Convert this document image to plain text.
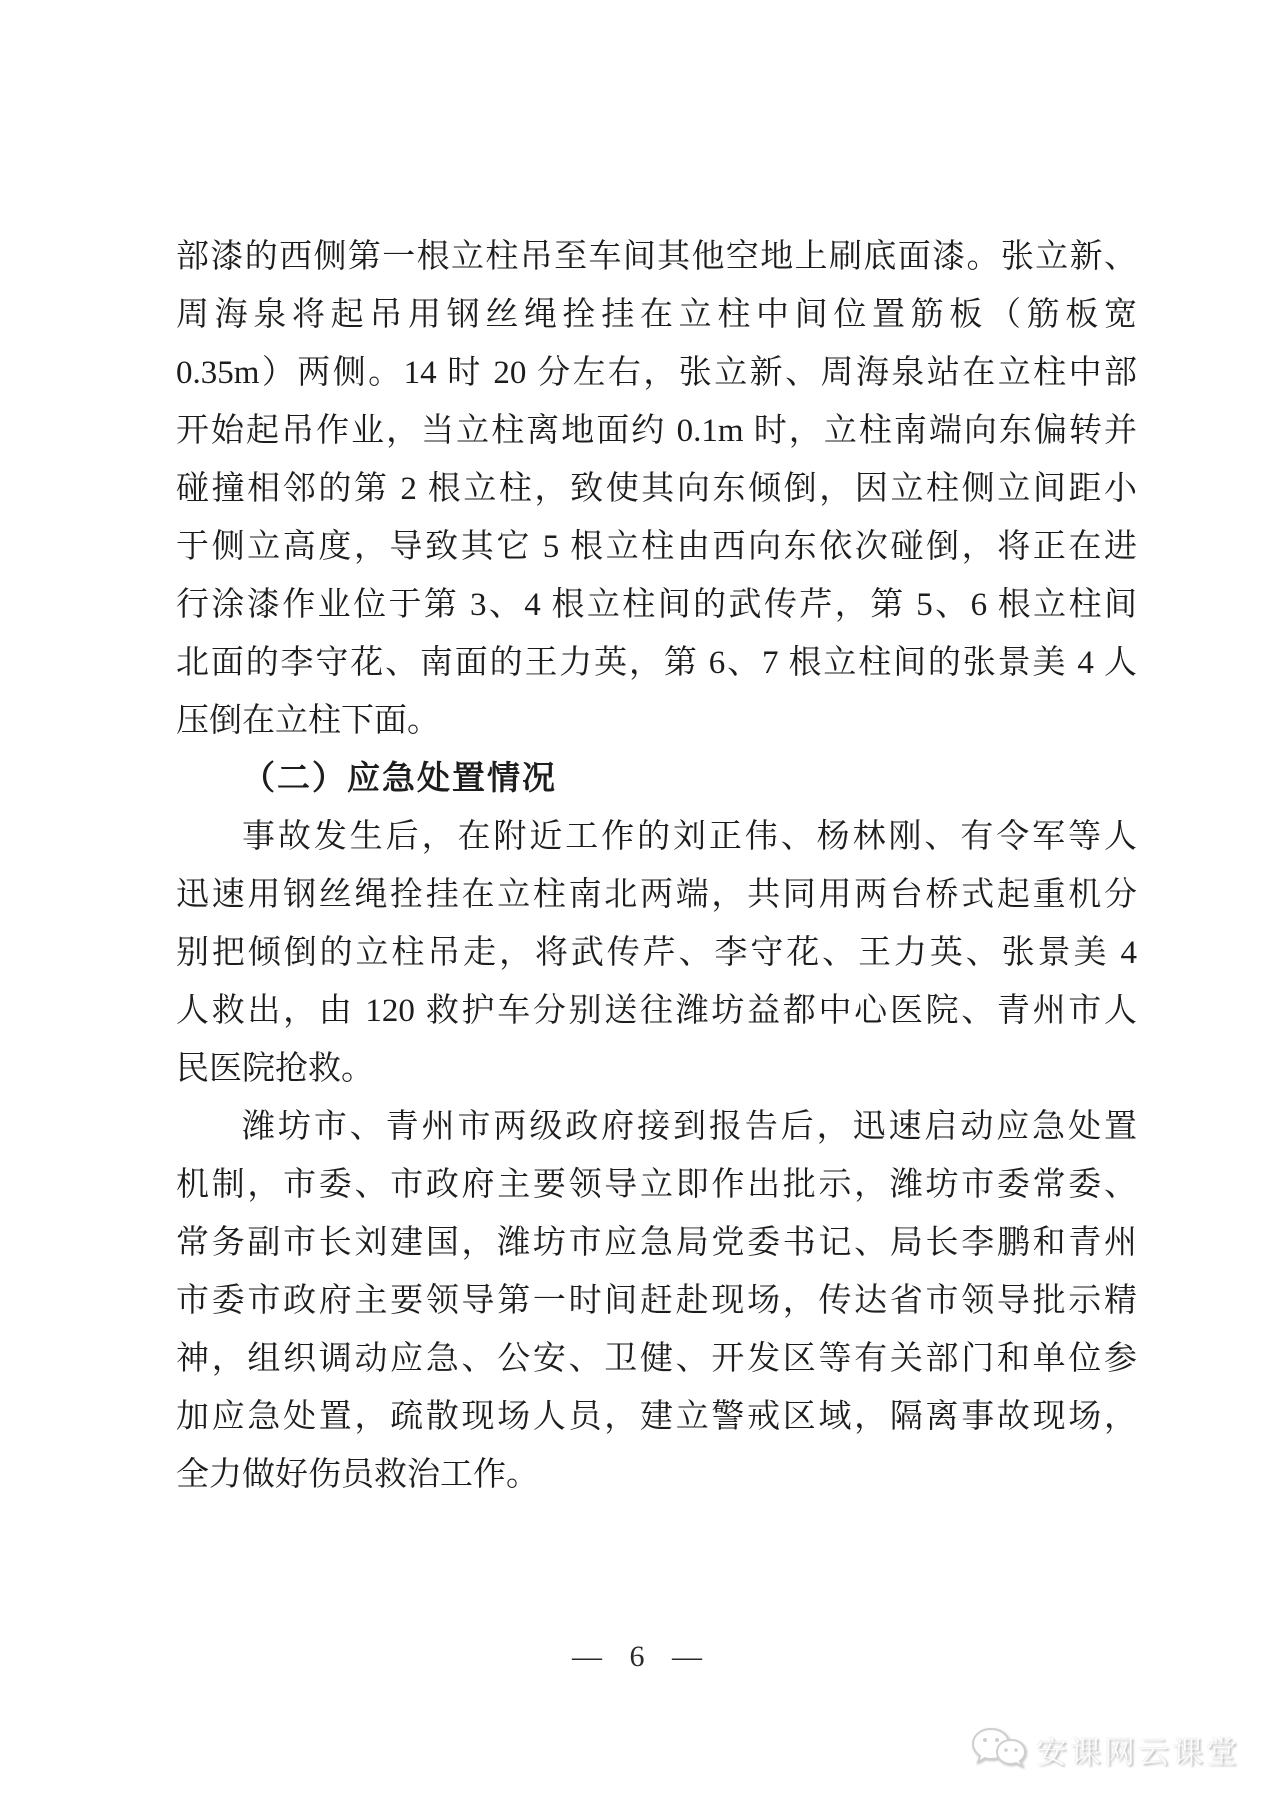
部漆的西侧第一根立柱吊至车间其他空地上刷底面漆。张立新、
周海泉将起吊用钢丝绳拴挂在立柱中间位置筋板（筋板宽
0.35m）两侧。14 时 20 分左右，张立新、周海泉站在立柱中部
开始起吊作业，当立柱离地面约 0.1m 时，立柱南端向东偏转并
碰撞相邻的第 2 根立柱，致使其向东倾倒，因立柱侧立间距小
于侧立高度，导致其它 5 根立柱由西向东依次碰倒，将正在进
行涂漆作业位于第 3、4 根立柱间的武传芹，第 5、6 根立柱间
北面的李守花、南面的王力英，第 6、7 根立柱间的张景美 4 人
压倒在立柱下面。
（二）应急处置情况
事故发生后，在附近工作的刘正伟、杨林刚、有令军等人
迅速用钢丝绳拴挂在立柱南北两端，共同用两台桥式起重机分
别把倾倒的立柱吊走，将武传芹、李守花、王力英、张景美 4
人救出，由 120 救护车分别送往潍坊益都中心医院、青州市人
民医院抢救。
潍坊市、青州市两级政府接到报告后，迅速启动应急处置
机制，市委、市政府主要领导立即作出批示，潍坊市委常委、
常务副市长刘建国，潍坊市应急局党委书记、局长李鹏和青州
市委市政府主要领导第一时间赶赴现场，传达省市领导批示精
神，组织调动应急、公安、卫健、开发区等有关部门和单位参
加应急处置，疏散现场人员，建立警戒区域，隔离事故现场，
全力做好伤员救治工作。
— 6 —
安课网云课堂
